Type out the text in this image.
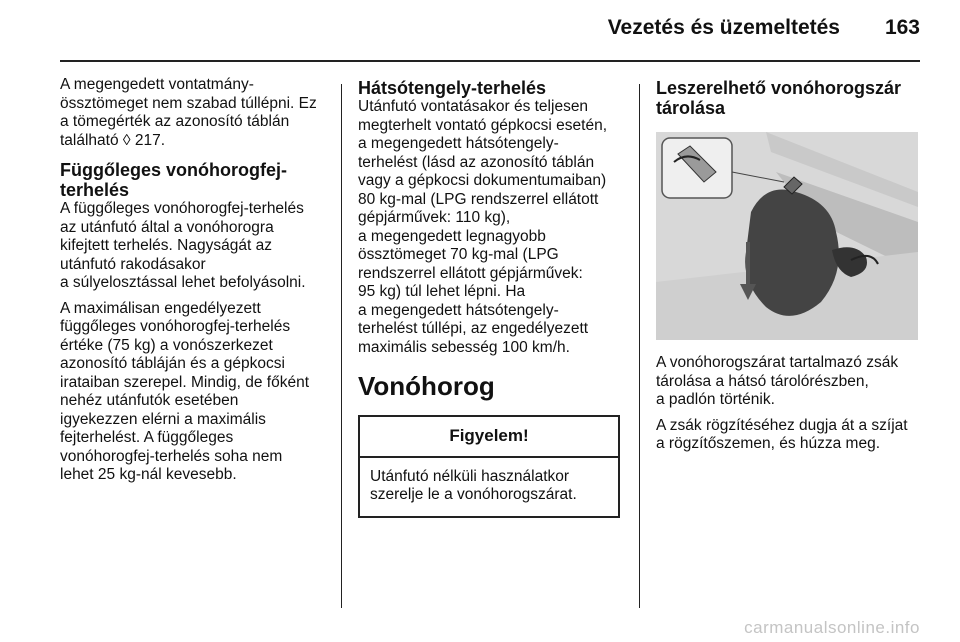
Vezetés és üzemeltetés 163

A megengedett vontatmány-
össztömeget nem szabad túllépni. Ez
a tömegérték az azonosító táblán
található ◊ 217.

Függőleges vonóhorogfej-
terhelés

A függőleges vonóhorogfej-terhelés
az utánfutó által a vonóhorogra
kifejtett terhelés. Nagyságát az
utánfutó rakodásakor
a súlyelosztással lehet befolyásolni.

A maximálisan engedélyezett
függőleges vonóhorogfej-terhelés
értéke (75 kg) a vonószerkezet
azonosító tábláján és a gépkocsi
irataiban szerepel. Mindig, de főként
nehéz utánfutók esetében
igyekezzen elérni a maximális
fejterhelést. A függőleges
vonóhorogfej-terhelés soha nem
lehet 25 kg-nál kevesebb.

Hátsótengely-terhelés

Utánfutó vontatásakor és teljesen
megterhelt vontató gépkocsi esetén,
a megengedett hátsótengely-
terhelést (lásd az azonosító táblán
vagy a gépkocsi dokumentumaiban)
80 kg-mal (LPG rendszerrel ellátott
gépjárművek: 110 kg),
a megengedett legnagyobb
össztömeget 70 kg-mal (LPG
rendszerrel ellátott gépjárművek:
95 kg) túl lehet lépni. Ha
a megengedett hátsótengely-
terhelést túllépi, az engedélyezett
maximális sebesség 100 km/h.

Vonóhorog
Figyelem!
Utánfutó nélküli használatkor
szerelje le a vonóhorogszárat.
Leszerelhető vonóhorogszár
tárolása

A vonóhorogszárat tartalmazó zsák
tárolása a hátsó tárolórészben,
a padlón történik.

A zsák rögzítéséhez dugja át a szíjat
a rögzítőszemen, és húzza meg.

carmanualsonline.info
